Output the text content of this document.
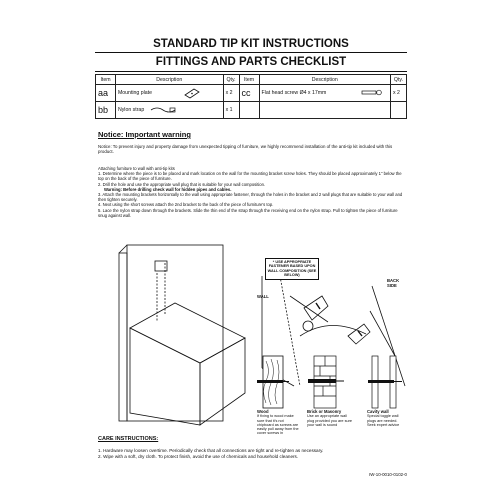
STANDARD TIP KIT INSTRUCTIONS
FITTINGS AND PARTS CHECKLIST
Item	Description	Qty.	Item	Description	Qty.
aa	Mounting plate	x 2	cc	Flat head screw Ø4 x 17mm	x 2
bb	Nylon strap	x 1			
Notice: Important warning
Notice: To prevent injury and property damage from unexpected tipping of furniture, we highly recommend installation of the anti-tip kit included with this product.

Attaching furniture to wall with anti-tip kits

1. Determine where the piece is to be placed and mark location on the wall for the mounting bracket screw holes. They should be placed approximately 1" below the top on the back of the piece of furniture.

2. Drill the hole and use the appropriate wall plug that is suitable for your wall composition.

Warning: Before drilling check wall for hidden pipes and cables.

3. Attach the mounting brackets horizontally to the wall using appropriate fastener, through the holes in the bracket and 2 wall plugs that are suitable to your wall and then tighten securely.

4. Next using the short screws attach the 2nd bracket to the back of the piece of furniture's top.

5. Lace the nylon strap down through the brackets. Slide the thin end of the strap through the receiving end on the nylon strap. Pull to tighten the piece of furniture snug against wall.

* USE APPROPRIATE FASTENER BASED UPON WALL COMPOSITION (SEE BELOW)
WALL
BACK SIDE
Wood
If fixing to wood make sure that it's not chipboard as screws are easily pull away from the cover screws in
Brick or Masonry
Use an appropriate wall plug provided you are sure your wall is sound
Cavity wall
Special toggle wall plugs are needed. Seek expert advice
CARE INSTRUCTIONS:

1. Hardware may loosen overtime. Periodically check that all connections are tight and re-tighten as necessary.

2. Wipe with a soft, dry cloth. To protect finish, avoid the use of chemicals and household cleaners.

IW-10-0010-0102-0
